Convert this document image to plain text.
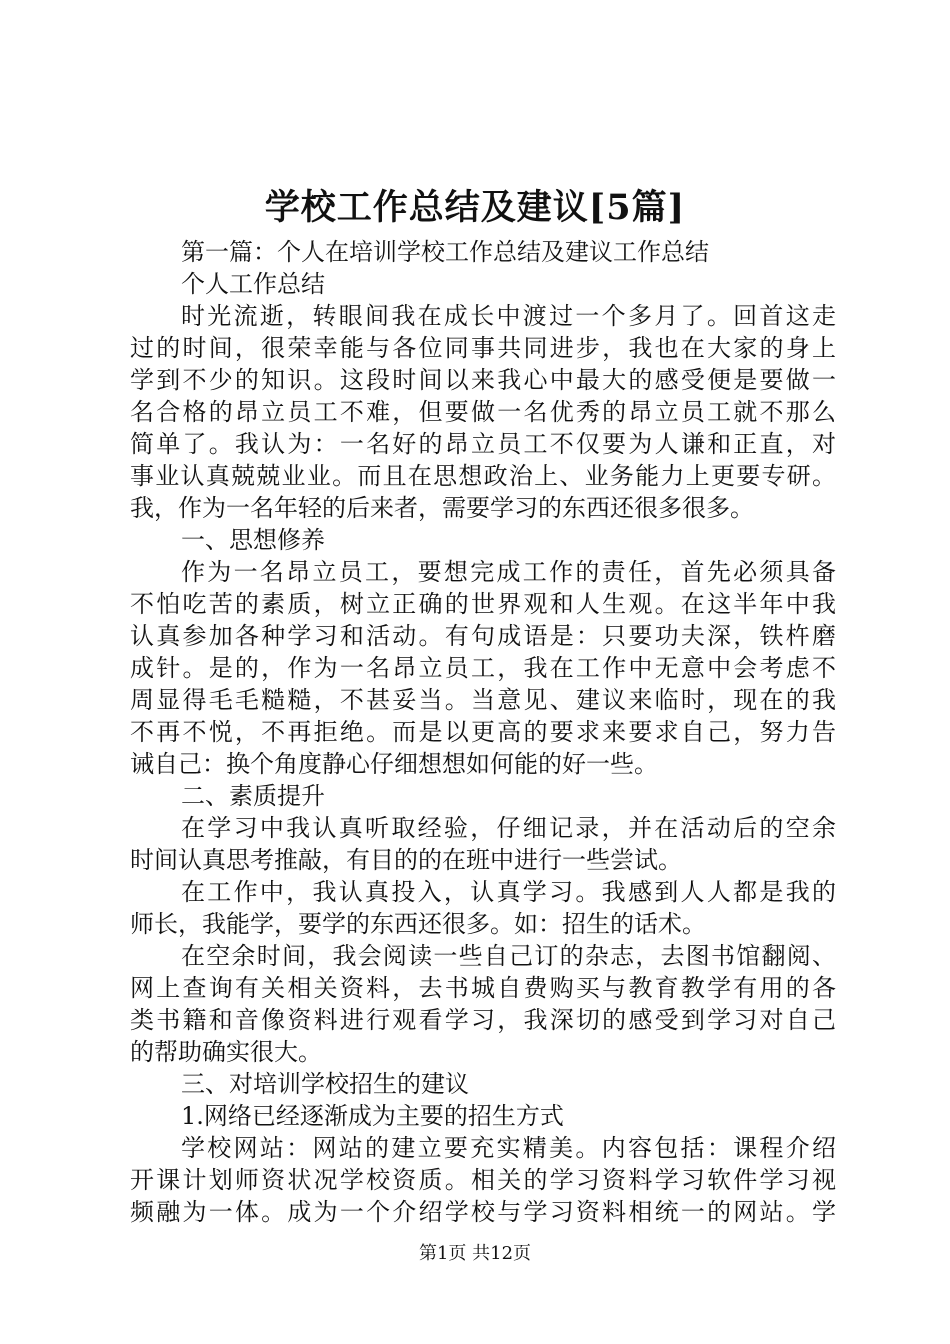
学校工作总结及建议[5篇]
第一篇：个人在培训学校工作总结及建议工作总结
个人工作总结
时光流逝，转眼间我在成长中渡过一个多月了。回首这走
过的时间，很荣幸能与各位同事共同进步，我也在大家的身上
学到不少的知识。这段时间以来我心中最大的感受便是要做一
名合格的昂立员工不难，但要做一名优秀的昂立员工就不那么
简单了。我认为：一名好的昂立员工不仅要为人谦和正直，对
事业认真兢兢业业。而且在思想政治上、业务能力上更要专研。
我，作为一名年轻的后来者，需要学习的东西还很多很多。
一、思想修养
作为一名昂立员工，要想完成工作的责任，首先必须具备
不怕吃苦的素质，树立正确的世界观和人生观。在这半年中我
认真参加各种学习和活动。有句成语是：只要功夫深，铁杵磨
成针。是的，作为一名昂立员工，我在工作中无意中会考虑不
周显得毛毛糙糙，不甚妥当。当意见、建议来临时，现在的我
不再不悦，不再拒绝。而是以更高的要求来要求自己，努力告
诫自己：换个角度静心仔细想想如何能的好一些。
二、素质提升
在学习中我认真听取经验，仔细记录，并在活动后的空余
时间认真思考推敲，有目的的在班中进行一些尝试。
在工作中，我认真投入，认真学习。我感到人人都是我的
师长，我能学，要学的东西还很多。如：招生的话术。
在空余时间，我会阅读一些自己订的杂志，去图书馆翻阅、
网上查询有关相关资料，去书城自费购买与教育教学有用的各
类书籍和音像资料进行观看学习，我深切的感受到学习对自己
的帮助确实很大。
三、对培训学校招生的建议
1.网络已经逐渐成为主要的招生方式
学校网站：网站的建立要充实精美。内容包括：课程介绍
开课计划师资状况学校资质。相关的学习资料学习软件学习视
频融为一体。成为一个介绍学校与学习资料相统一的网站。学
第1页 共12页
